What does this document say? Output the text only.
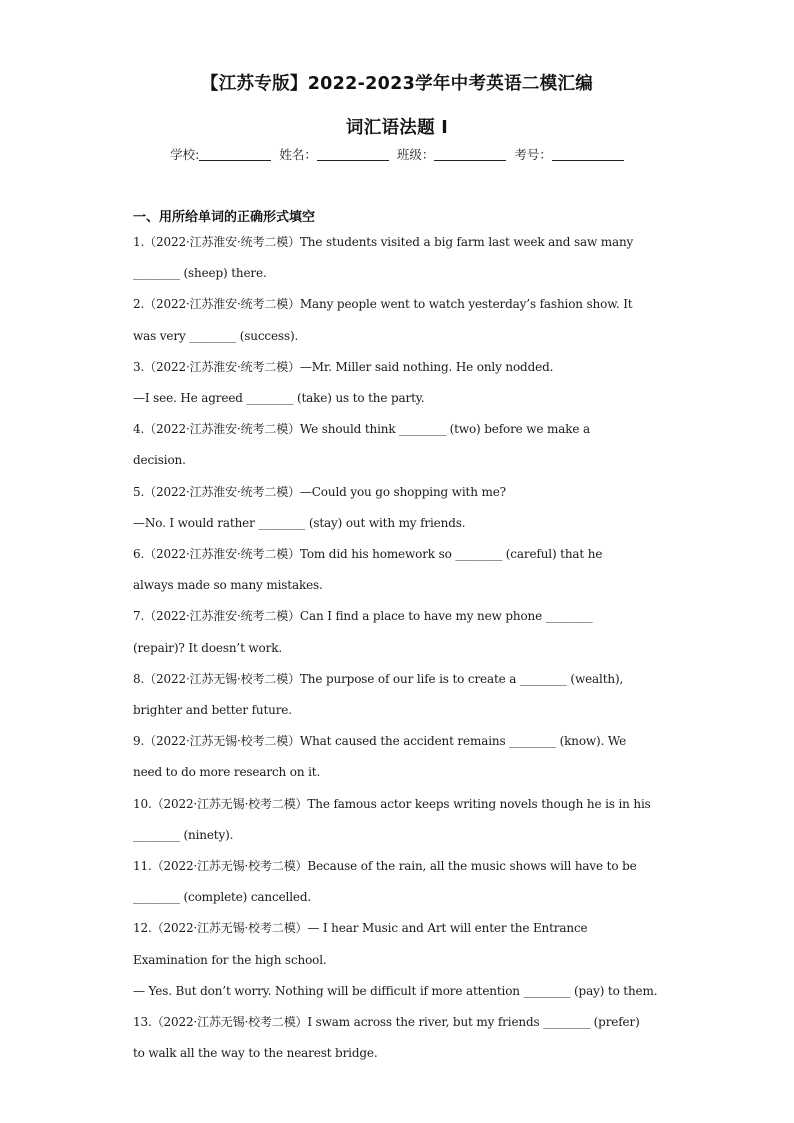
【江苏专版】2022-2023学年中考英语二模汇编
词汇语法题 I
学校:	姓名：	班级：	考号：
一、用所给单词的正确形式填空
1.（2022·江苏淮安·统考二模）The students visited a big farm last week and saw many
________ (sheep) there.
2.（2022·江苏淮安·统考二模）Many people went to watch yesterday’s fashion show. It
was very ________ (success).
3.（2022·江苏淮安·统考二模）—Mr. Miller said nothing. He only nodded.
—I see. He agreed ________ (take) us to the party.
4.（2022·江苏淮安·统考二模）We should think ________ (two) before we make a
decision.
5.（2022·江苏淮安·统考二模）—Could you go shopping with me?
—No. I would rather ________ (stay) out with my friends.
6.（2022·江苏淮安·统考二模）Tom did his homework so ________ (careful) that he
always made so many mistakes.
7.（2022·江苏淮安·统考二模）Can I find a place to have my new phone ________
(repair)? It doesn’t work.
8.（2022·江苏无锡·校考二模）The purpose of our life is to create a ________ (wealth),
brighter and better future.
9.（2022·江苏无锡·校考二模）What caused the accident remains ________ (know). We
need to do more research on it.
10.（2022·江苏无锡·校考二模）The famous actor keeps writing novels though he is in his
________ (ninety).
11.（2022·江苏无锡·校考二模）Because of the rain, all the music shows will have to be
________ (complete) cancelled.
12.（2022·江苏无锡·校考二模）— I hear Music and Art will enter the Entrance
Examination for the high school.
— Yes. But don’t worry. Nothing will be difficult if more attention ________ (pay) to them.
13.（2022·江苏无锡·校考二模）I swam across the river, but my friends ________ (prefer)
to walk all the way to the nearest bridge.
